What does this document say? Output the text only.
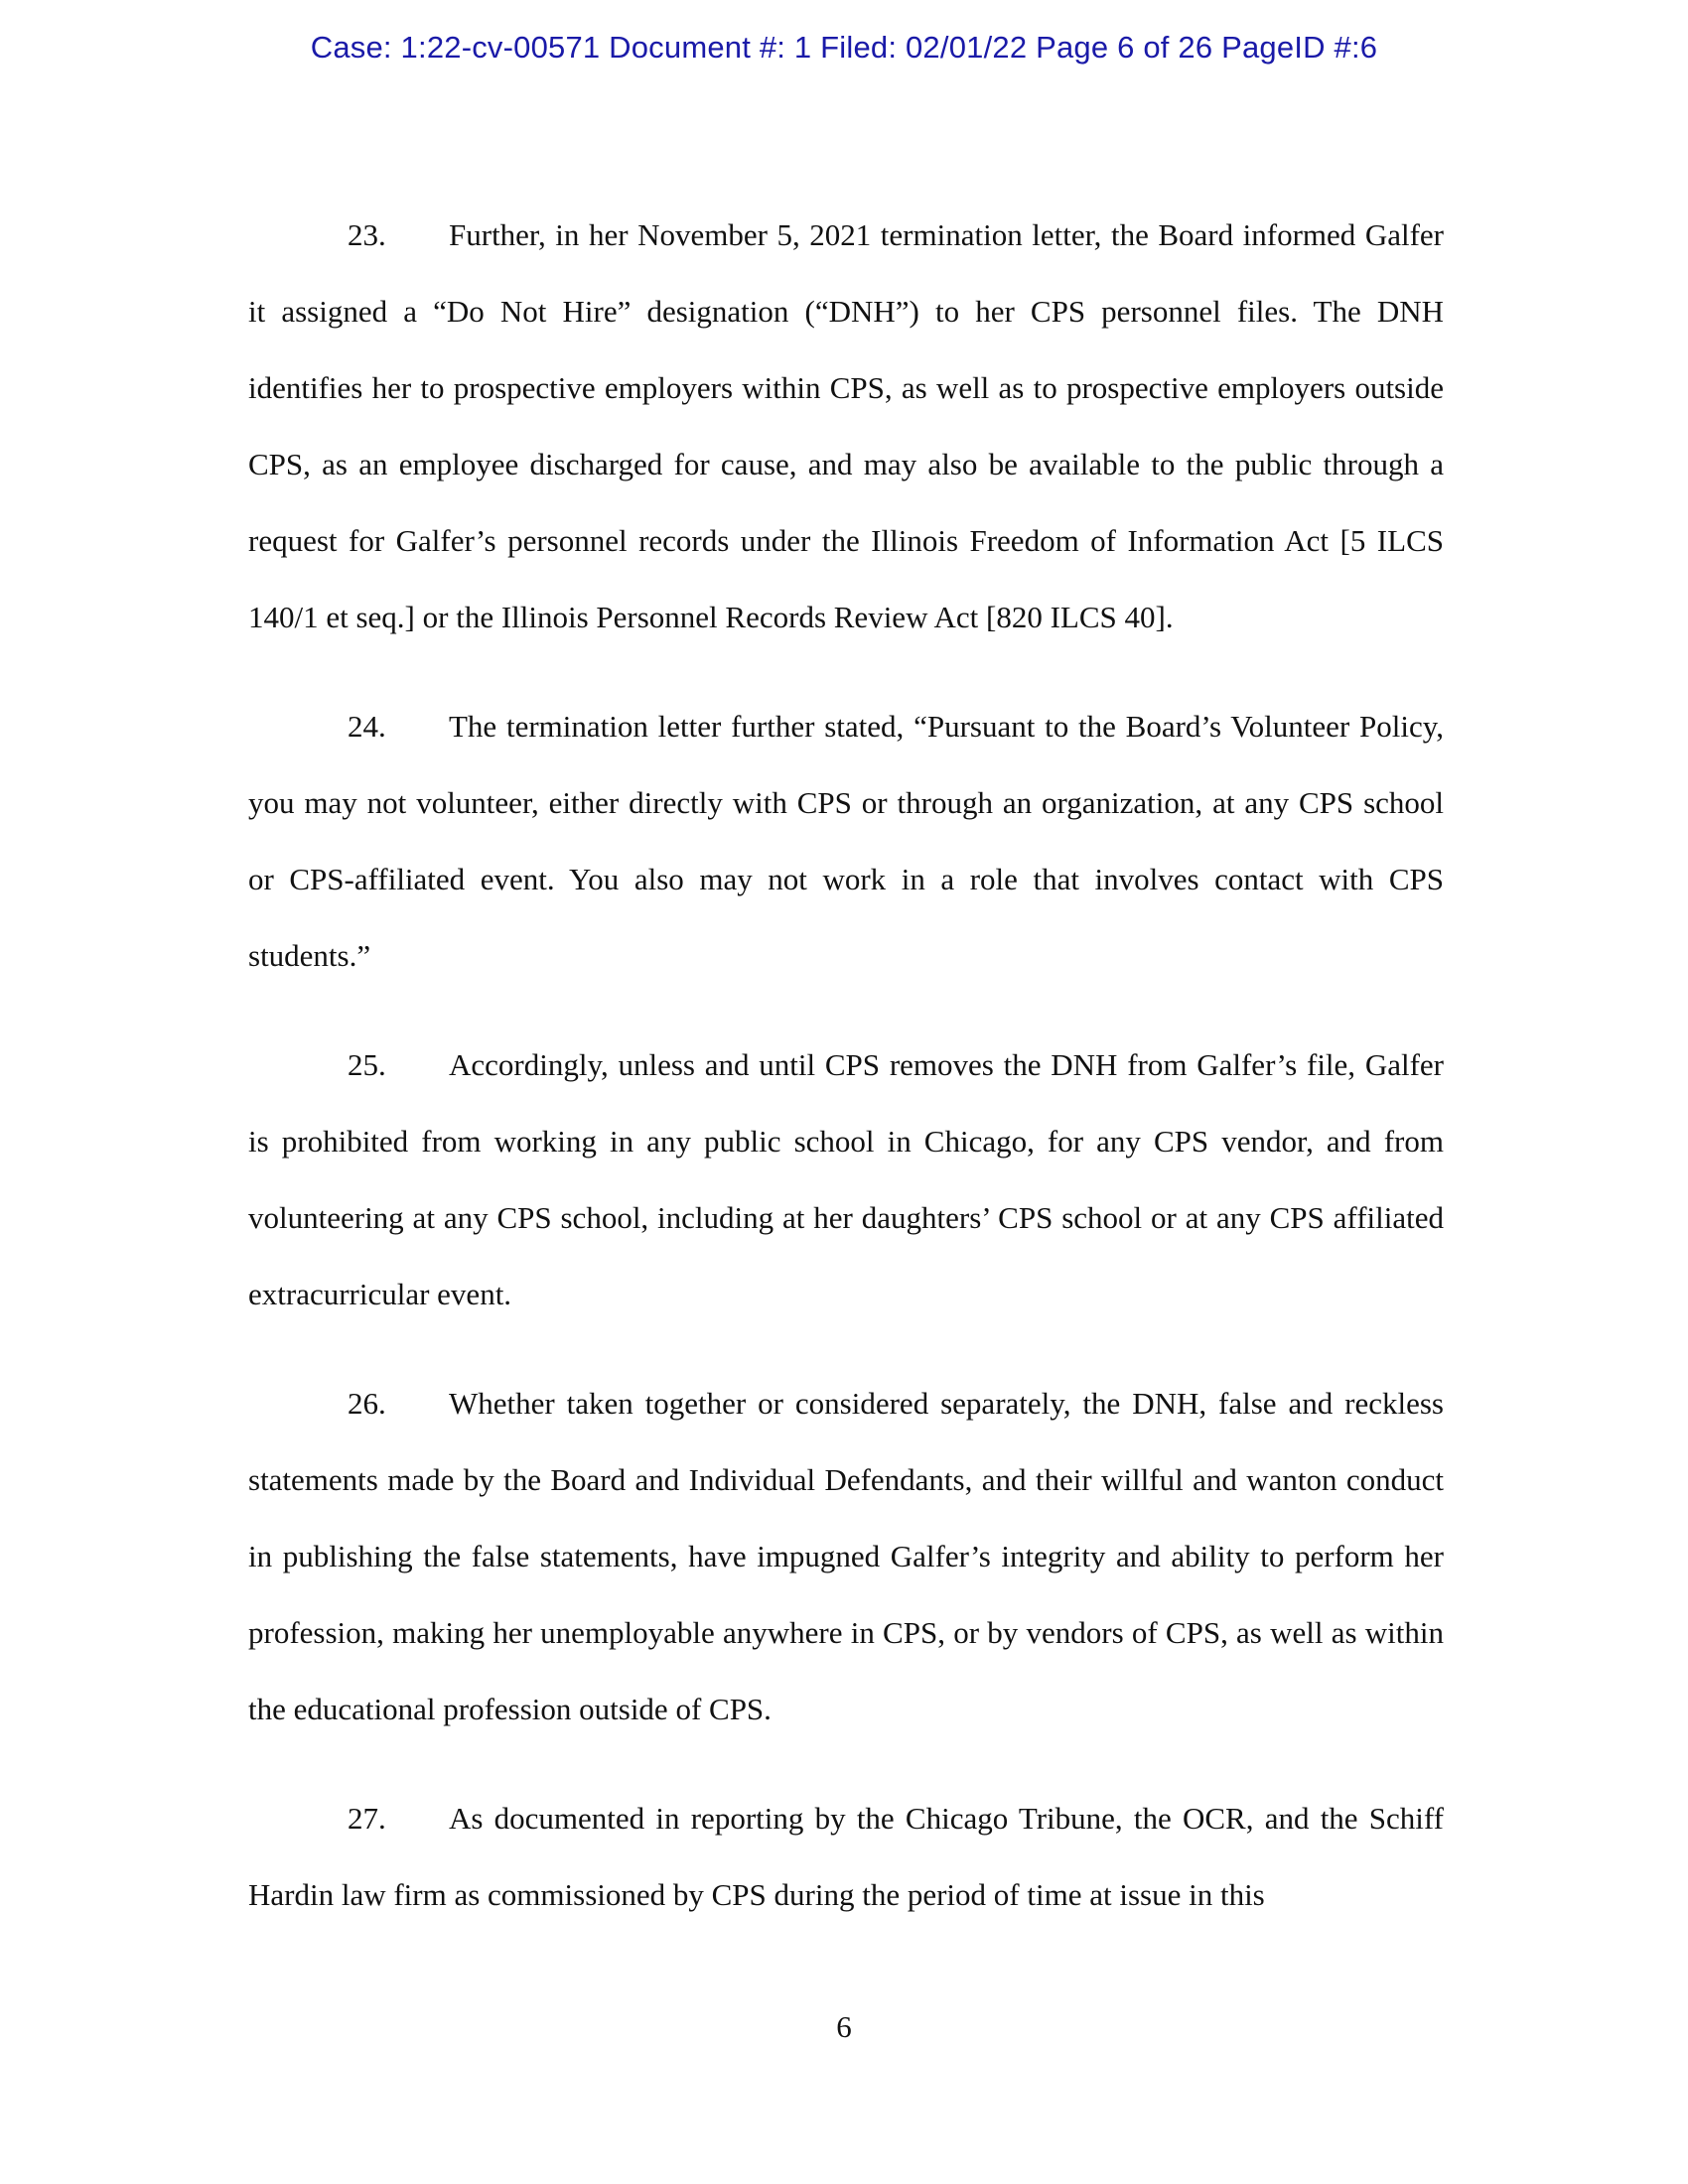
Case: 1:22-cv-00571 Document #: 1 Filed: 02/01/22 Page 6 of 26 PageID #:6

23. Further, in her November 5, 2021 termination letter, the Board informed Galfer it assigned a “Do Not Hire” designation (“DNH”) to her CPS personnel files. The DNH identifies her to prospective employers within CPS, as well as to prospective employers outside CPS, as an employee discharged for cause, and may also be available to the public through a request for Galfer’s personnel records under the Illinois Freedom of Information Act [5 ILCS 140/1 et seq.] or the Illinois Personnel Records Review Act [820 ILCS 40].

24. The termination letter further stated, “Pursuant to the Board’s Volunteer Policy, you may not volunteer, either directly with CPS or through an organization, at any CPS school or CPS-affiliated event. You also may not work in a role that involves contact with CPS students.”

25. Accordingly, unless and until CPS removes the DNH from Galfer’s file, Galfer is prohibited from working in any public school in Chicago, for any CPS vendor, and from volunteering at any CPS school, including at her daughters’ CPS school or at any CPS affiliated extracurricular event.

26. Whether taken together or considered separately, the DNH, false and reckless statements made by the Board and Individual Defendants, and their willful and wanton conduct in publishing the false statements, have impugned Galfer’s integrity and ability to perform her profession, making her unemployable anywhere in CPS, or by vendors of CPS, as well as within the educational profession outside of CPS.

27. As documented in reporting by the Chicago Tribune, the OCR, and the Schiff Hardin law firm as commissioned by CPS during the period of time at issue in this

6
